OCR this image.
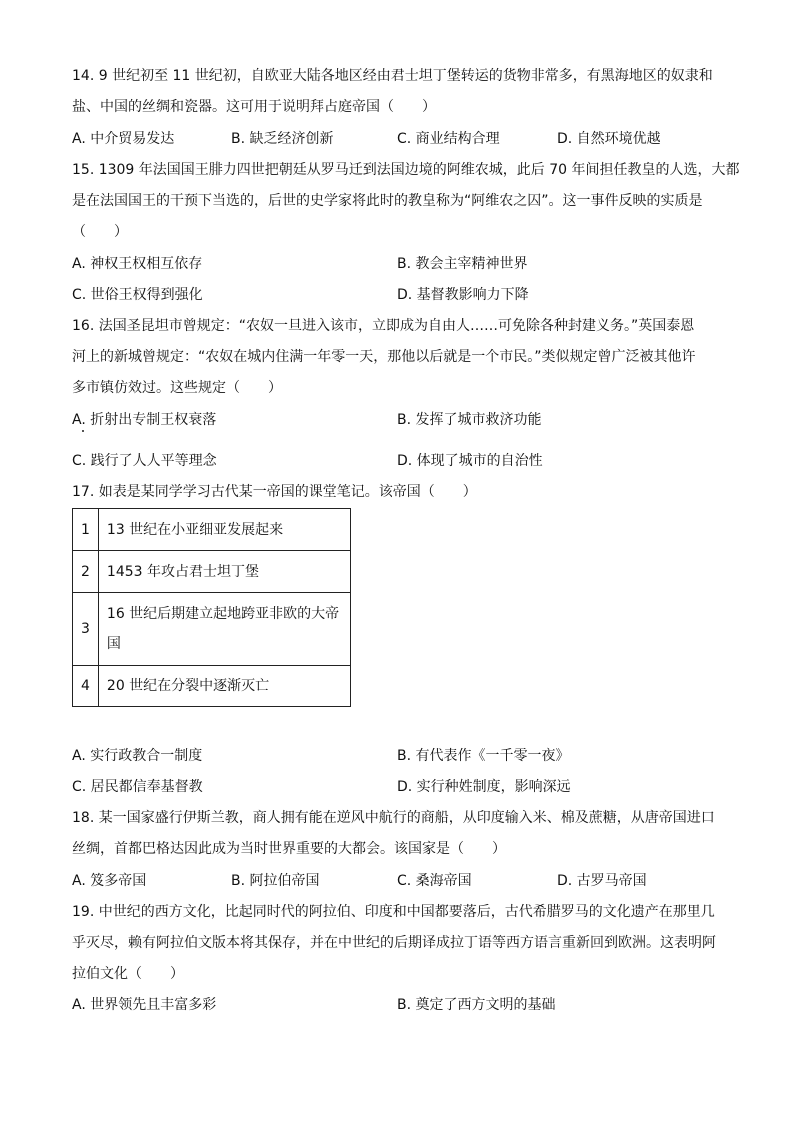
14. 9 世纪初至 11 世纪初，自欧亚大陆各地区经由君士坦丁堡转运的货物非常多，有黑海地区的奴隶和
盐、中国的丝绸和瓷器。这可用于说明拜占庭帝国（　　）
A. 中介贸易发达	B. 缺乏经济创新	C. 商业结构合理	D. 自然环境优越
15. 1309 年法国国王腓力四世把朝廷从罗马迁到法国边境的阿维农城，此后 70 年间担任教皇的人选，大都
是在法国国王的干预下当选的，后世的史学家将此时的教皇称为“阿维农之囚”。这一事件反映的实质是
（　　）
A. 神权王权相互依存	B. 教会主宰精神世界
C. 世俗王权得到强化	D. 基督教影响力下降
16. 法国圣昆坦市曾规定：“农奴一旦进入该市，立即成为自由人……可免除各种封建义务。”英国泰恩
河上的新城曾规定：“农奴在城内住满一年零一天，那他以后就是一个市民。”类似规定曾广泛被其他许
多市镇仿效过。这些规定（　　）
A. 折射出专制王权衰落	B. 发挥了城市救济功能
C. 践行了人人平等理念	D. 体现了城市的自治性
17. 如表是某同学学习古代某一帝国的课堂笔记。该帝国（　　）
1	13 世纪在小亚细亚发展起来
2	1453 年攻占君士坦丁堡
3	16 世纪后期建立起地跨亚非欧的大帝
国

4	20 世纪在分裂中逐渐灭亡
A. 实行政教合一制度	B. 有代表作《一千零一夜》
C. 居民都信奉基督教	D. 实行种姓制度，影响深远
18. 某一国家盛行伊斯兰教，商人拥有能在逆风中航行的商船，从印度输入米、棉及蔗糖，从唐帝国进口
丝绸，首都巴格达因此成为当时世界重要的大都会。该国家是（　　）
A. 笈多帝国	B. 阿拉伯帝国	C. 桑海帝国	D. 古罗马帝国
19. 中世纪的西方文化，比起同时代的阿拉伯、印度和中国都要落后，古代希腊罗马的文化遗产在那里几
乎灭尽，赖有阿拉伯文版本将其保存，并在中世纪的后期译成拉丁语等西方语言重新回到欧洲。这表明阿
拉伯文化（　　）
A. 世界领先且丰富多彩	B. 奠定了西方文明的基础
